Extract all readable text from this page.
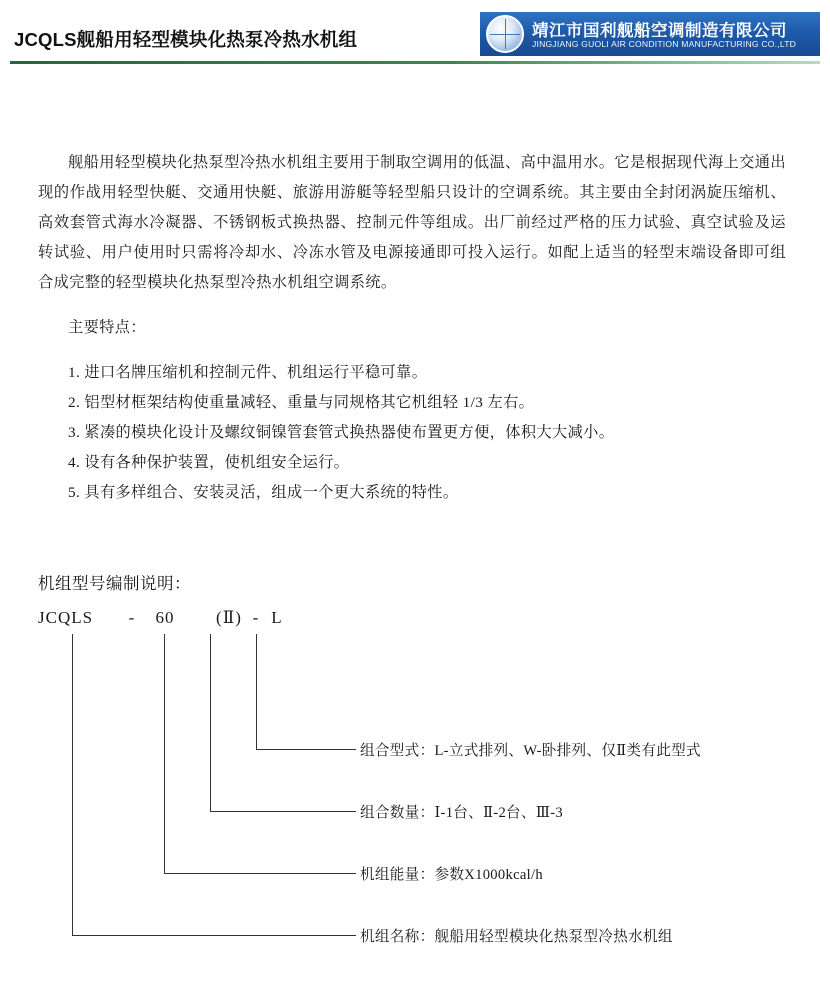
JCQLS舰船用轻型模块化热泵冷热水机组	靖江市国利舰船空调制造有限公司
JINGJIANG GUOLI AIR CONDITION MANUFACTURING CO.,LTD

舰船用轻型模块化热泵型冷热水机组主要用于制取空调用的低温、高中温用水。它是根据现代海上交通出现的作战用轻型快艇、交通用快艇、旅游用游艇等轻型船只设计的空调系统。其主要由全封闭涡旋压缩机、高效套管式海水冷凝器、不锈钢板式换热器、控制元件等组成。出厂前经过严格的压力试验、真空试验及运转试验、用户使用时只需将冷却水、冷冻水管及电源接通即可投入运行。如配上适当的轻型末端设备即可组合成完整的轻型模块化热泵型冷热水机组空调系统。

主要特点：

1. 进口名牌压缩机和控制元件、机组运行平稳可靠。
2. 铝型材框架结构使重量减轻、重量与同规格其它机组轻 1/3 左右。
3. 紧凑的模块化设计及螺纹铜镍管套管式换热器使布置更方便，体积大大减小。
4. 设有各种保护装置，使机组安全运行。
5. 具有多样组合、安装灵活，组成一个更大系统的特性。
机组型号编制说明：
JCQLS - 60 (Ⅱ) - L
组合型式：L-立式排列、W-卧排列、仅Ⅱ类有此型式
组合数量：Ⅰ-1台、Ⅱ-2台、Ⅲ-3
机组能量：参数X1000kcal/h
机组名称：舰船用轻型模块化热泵型冷热水机组
